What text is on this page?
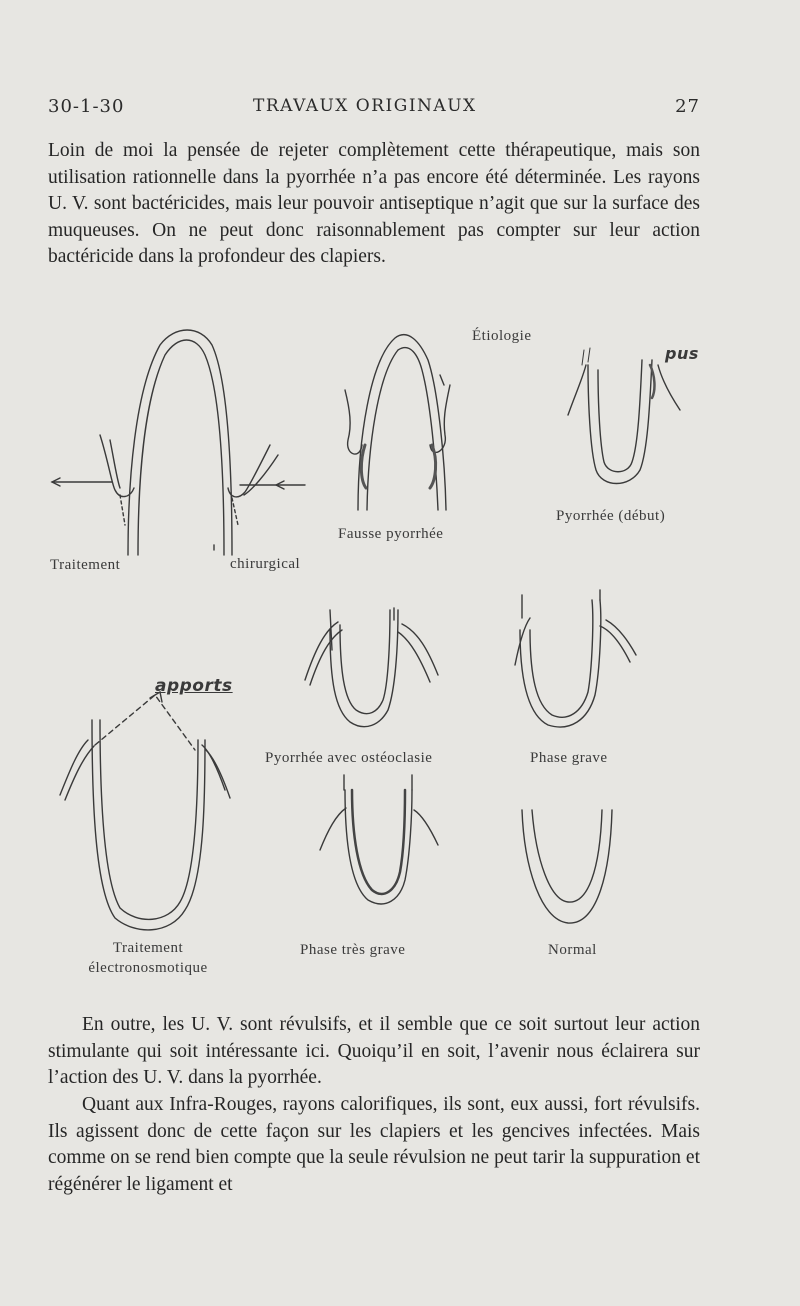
30-1-30	TRAVAUX ORIGINAUX	27
Loin de moi la pensée de rejeter complètement cette thérapeutique, mais son utilisation rationnelle dans la pyorrhée n’a pas encore été déterminée. Les rayons U. V. sont bactéricides, mais leur pouvoir antiseptique n’agit que sur la surface des muqueuses. On ne peut donc raisonnablement pas compter sur leur action bactéricide dans la profondeur des clapiers.
Étiologie
pus
Fausse pyorrhée
Pyorrhée (début)
Traitement	chirurgical
apports
Pyorrhée avec ostéoclasie	Phase grave
Traitement
électronosmotique
Phase très grave	Normal
En outre, les U. V. sont révulsifs, et il semble que ce soit surtout leur action stimulante qui soit intéressante ici. Quoiqu’il en soit, l’avenir nous éclairera sur l’action des U. V. dans la pyorrhée.
Quant aux Infra-Rouges, rayons calorifiques, ils sont, eux aussi, fort révulsifs. Ils agissent donc de cette façon sur les clapiers et les gencives infectées. Mais comme on se rend bien compte que la seule révulsion ne peut tarir la suppuration et régénérer le ligament et
